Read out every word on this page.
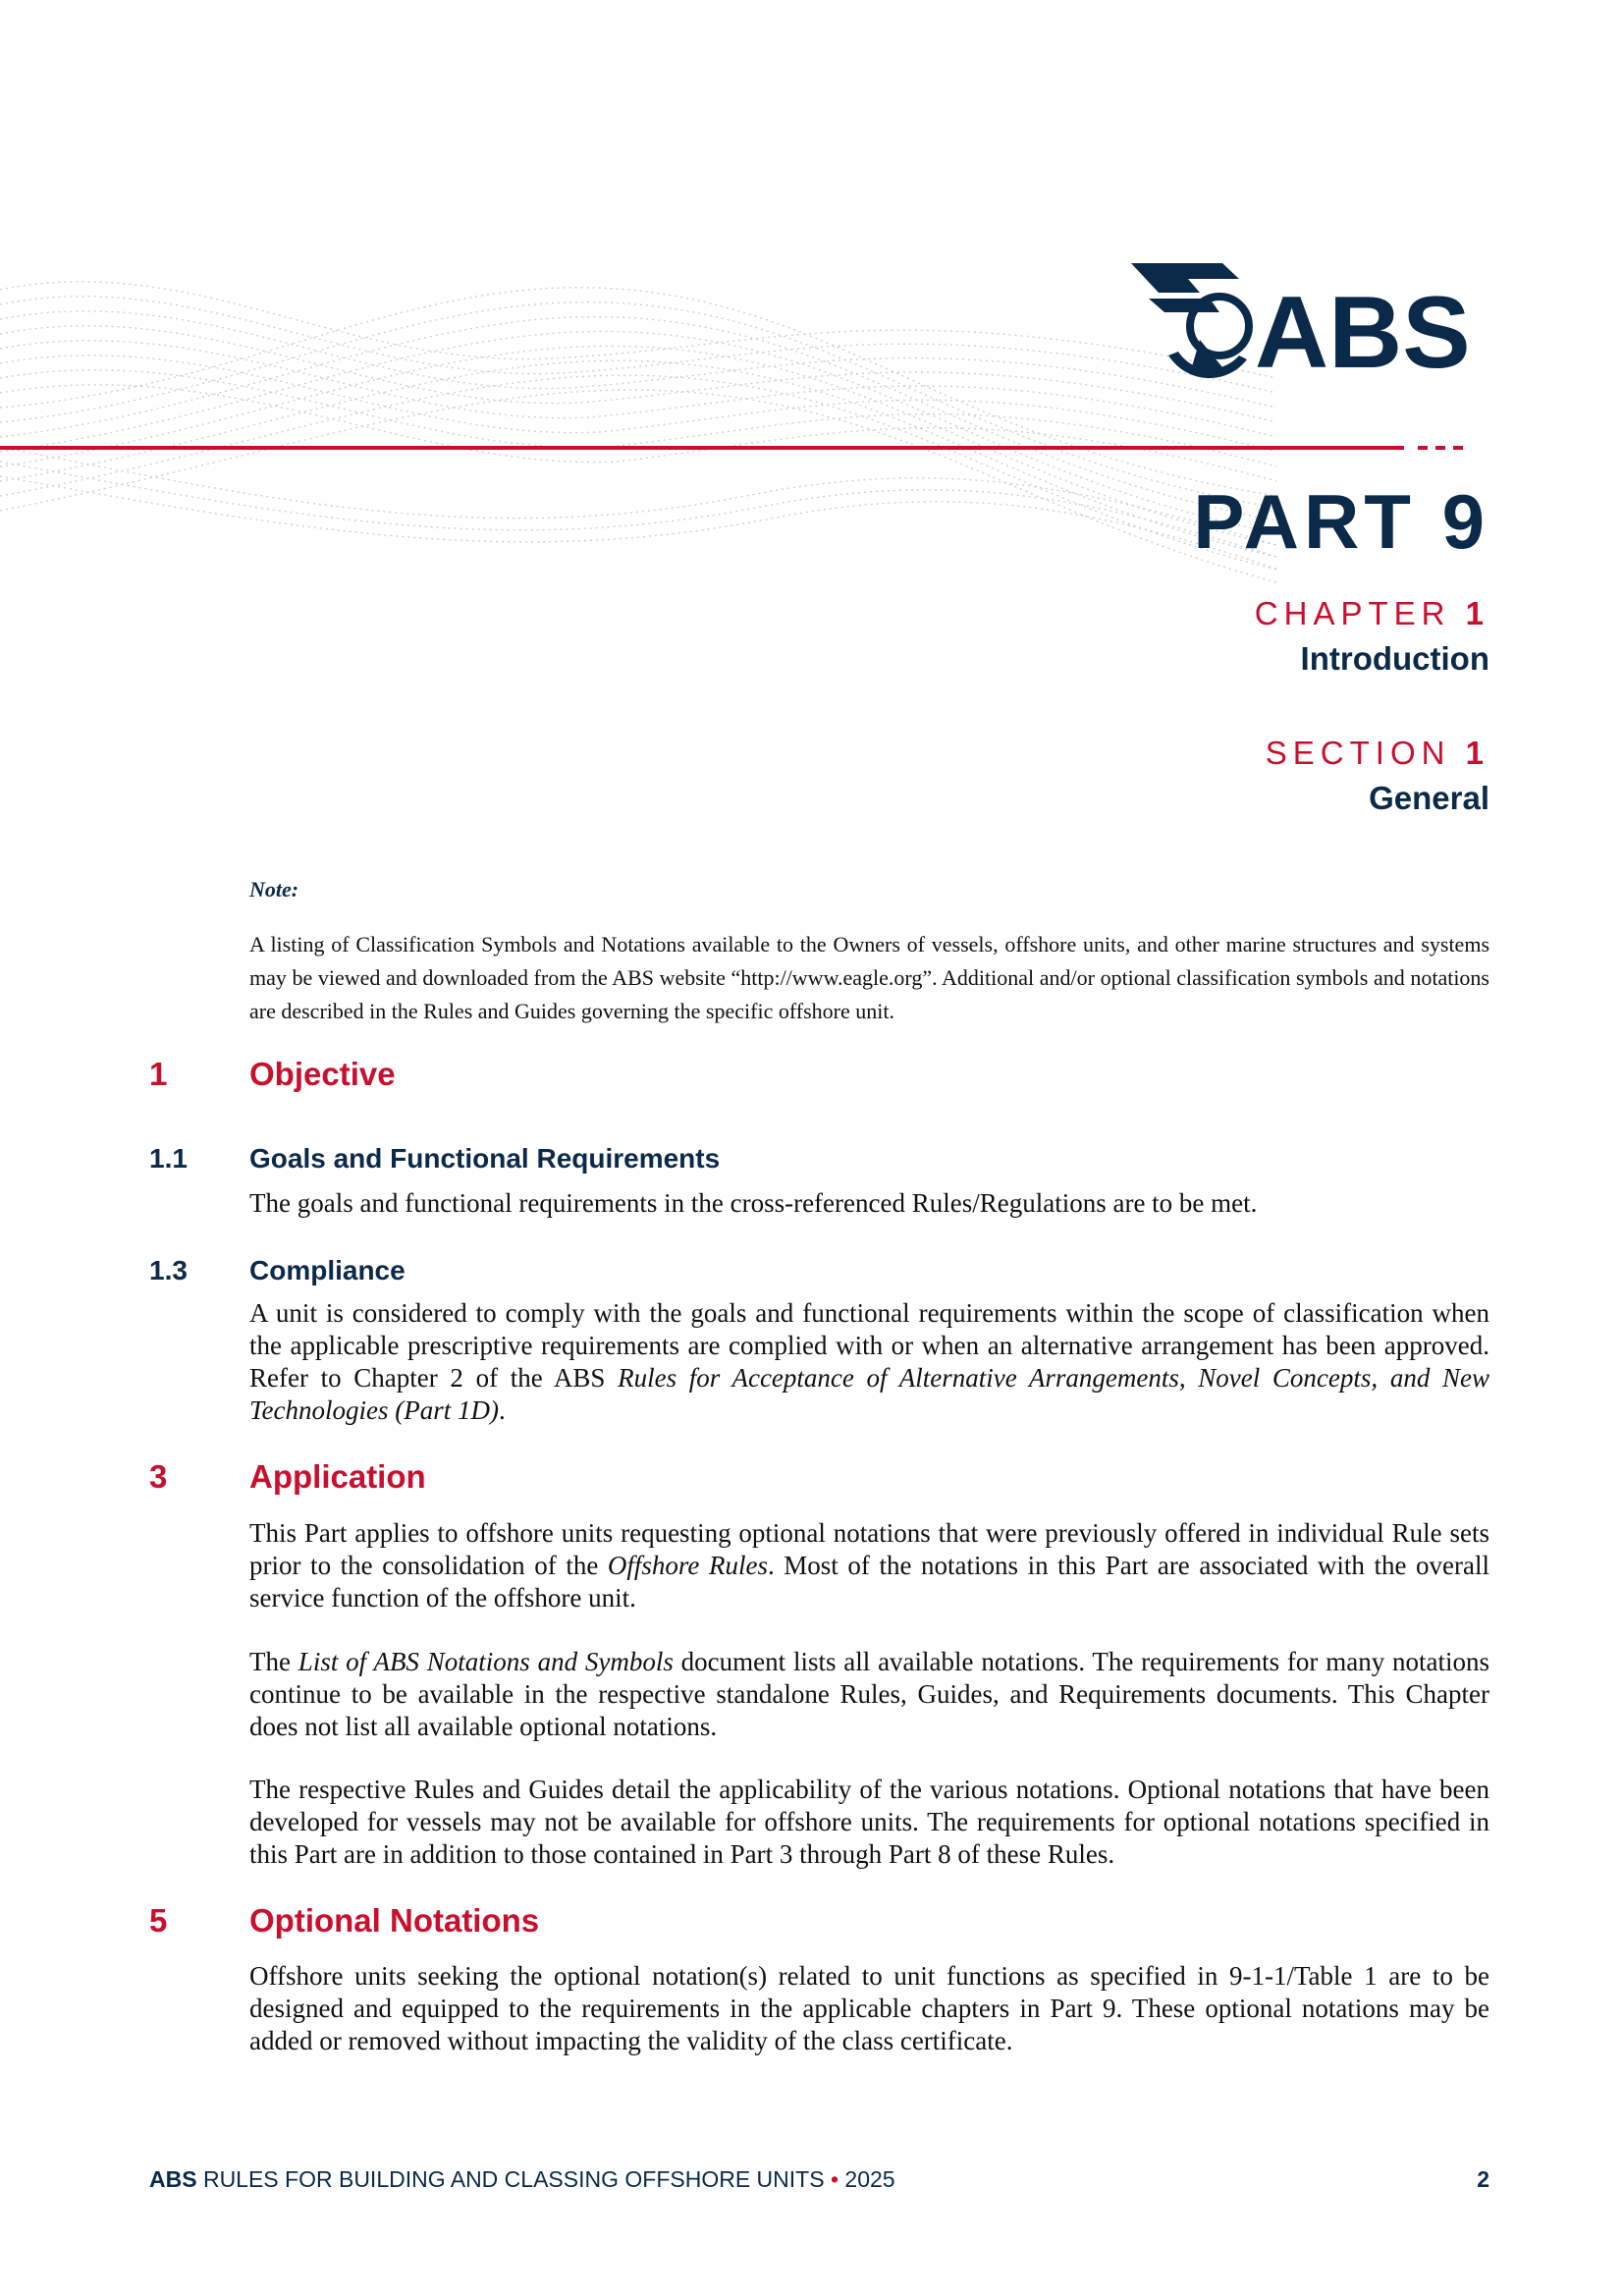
ABS
PART 9
CHAPTER 1
Introduction
SECTION 1
General
Note:
A listing of Classification Symbols and Notations available to the Owners of vessels, offshore units, and other marine structures and systems may be viewed and downloaded from the ABS website “http://www.eagle.org”. Additional and/or optional classification symbols and notations are described in the Rules and Guides governing the specific offshore unit.
1	Objective
1.1	Goals and Functional Requirements
The goals and functional requirements in the cross-referenced Rules/Regulations are to be met.
1.3	Compliance
A unit is considered to comply with the goals and functional requirements within the scope of classification when the applicable prescriptive requirements are complied with or when an alternative arrangement has been approved. Refer to Chapter 2 of the ABS Rules for Acceptance of Alternative Arrangements, Novel Concepts, and New Technologies (Part 1D).
3	Application
This Part applies to offshore units requesting optional notations that were previously offered in individual Rule sets prior to the consolidation of the Offshore Rules. Most of the notations in this Part are associated with the overall service function of the offshore unit.
The List of ABS Notations and Symbols document lists all available notations. The requirements for many notations continue to be available in the respective standalone Rules, Guides, and Requirements documents. This Chapter does not list all available optional notations.
The respective Rules and Guides detail the applicability of the various notations. Optional notations that have been developed for vessels may not be available for offshore units. The requirements for optional notations specified in this Part are in addition to those contained in Part 3 through Part 8 of these Rules.
5	Optional Notations
Offshore units seeking the optional notation(s) related to unit functions as specified in 9-1-1/Table 1 are to be designed and equipped to the requirements in the applicable chapters in Part 9. These optional notations may be added or removed without impacting the validity of the class certificate.
ABS RULES FOR BUILDING AND CLASSING OFFSHORE UNITS • 2025	2
